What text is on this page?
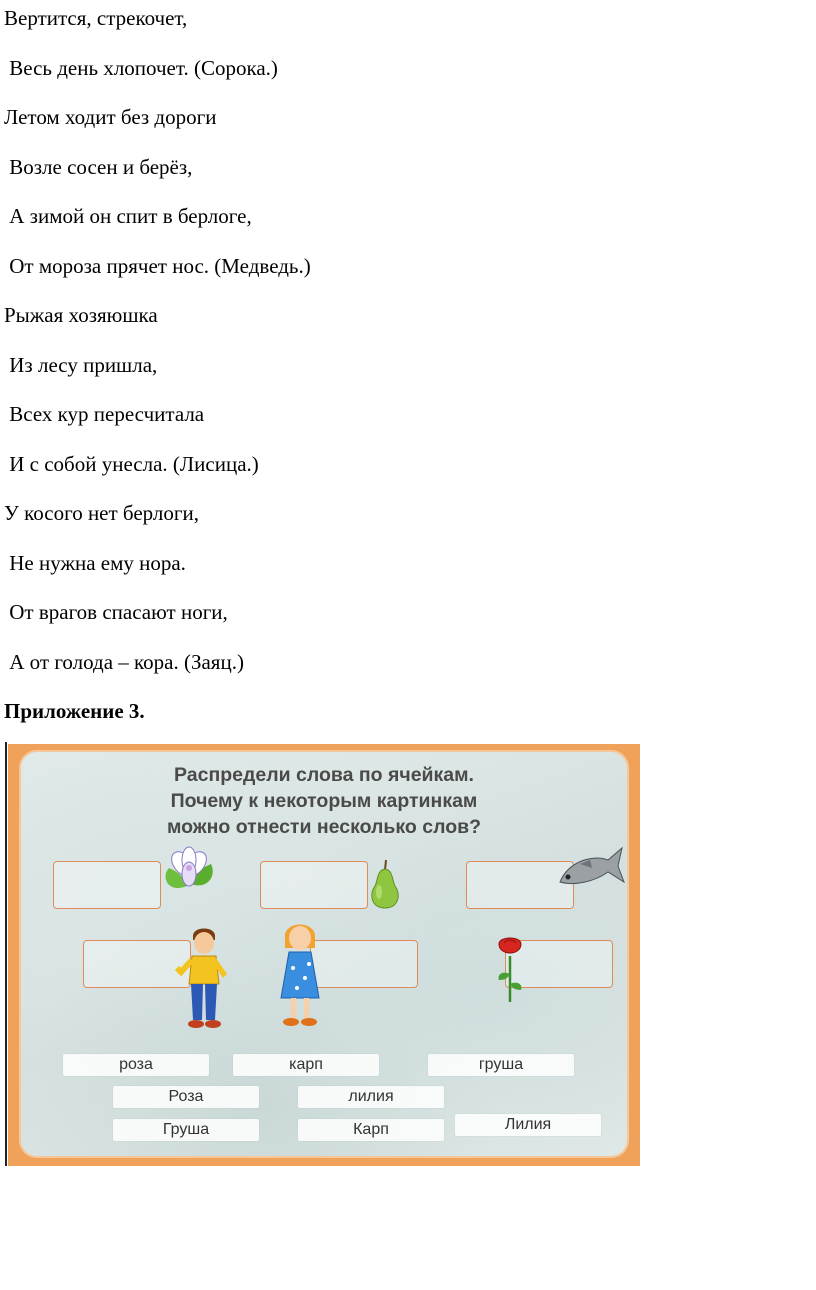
Вертится, стрекочет,
Весь день хлопочет. (Сорока.)
Летом ходит без дороги
Возле сосен и берёз,
А зимой он спит в берлоге,
От мороза прячет нос. (Медведь.)
Рыжая хозяюшка
Из лесу пришла,
Всех кур пересчитала
И с собой унесла. (Лисица.)
У косого нет берлоги,
Не нужна ему нора.
От врагов спасают ноги,
А от голода – кора. (Заяц.)
Приложение 3.
Распредели слова по ячейкам.
Почему к некоторым картинкам
можно отнести несколько слов?
роза	карп	груша
Роза	лилия
Груша	Карп	Лилия
